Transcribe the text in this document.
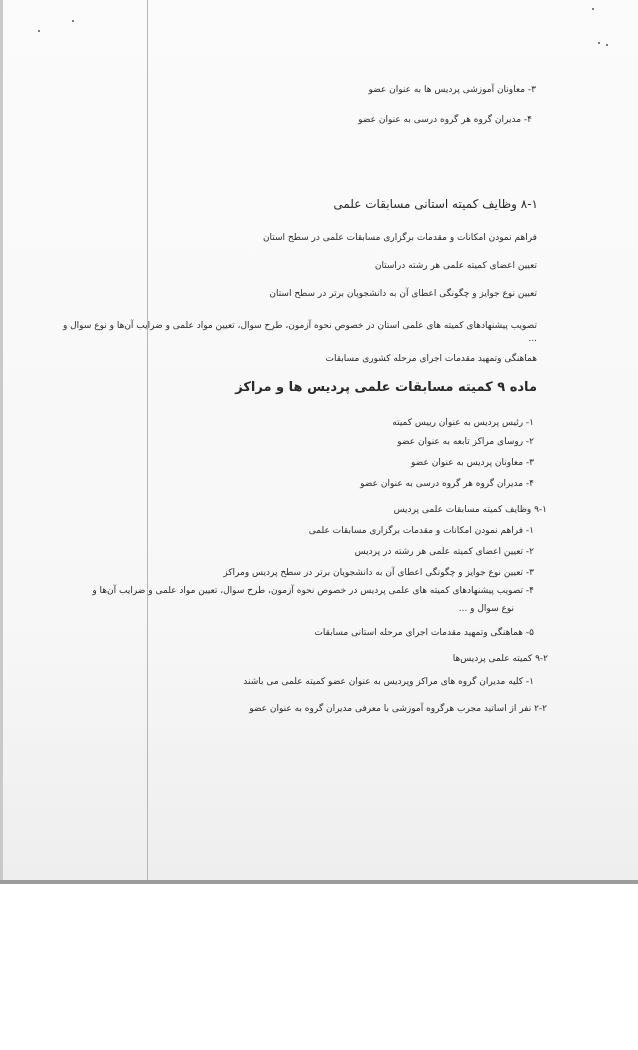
۳- معاونان آموزشی پردیس ها به عنوان عضو
۴- مدیران گروه هر گروه درسی به عنوان عضو
۸-۱ وظایف کمیته استانی مسابقات علمی
فراهم نمودن امکانات و مقدمات برگزاری مسابقات علمی در سطح استان
تعیین اعضای کمیته علمی هر رشته دراستان
تعیین نوع جوایز و چگونگی اعطای آن به دانشجویان برتر در سطح استان
تصویب پیشنهادهای کمیته های علمی استان در خصوص نحوه آزمون، طرح سوال، تعیین مواد علمی و ضرایب آن‌ها و نوع سوال و
...
هماهنگی وتمهید مقدمات اجرای مرحله کشوری مسابقات
ماده ۹ کمیته مسابقات علمی پردیس ها و مراکز
۱- رئیس پردیس به عنوان رییس کمیته
۲- روسای مراکز تابعه به عنوان عضو
۳- معاونان پردیس به عنوان عضو
۴- مدیران گروه هر گروه درسی به عنوان عضو
۹-۱ وظایف کمیته مسابقات علمی پردیس
۱- فراهم نمودن امکانات و مقدمات برگزاری مسابقات علمی
۲- تعیین اعضای کمیته علمی هر رشته در پردیس
۳- تعیین نوع جوایز و چگونگی اعطای آن به دانشجویان برتر در سطح پردیس ومراکز
۴- تصویب پیشنهادهای کمیته های علمی پردیس در خصوص نحوه آزمون، طرح سوال، تعیین مواد علمی و ضرایب آن‌ها و
نوع سوال و ...
۵- هماهنگی وتمهید مقدمات اجرای مرحله استانی مسابقات
۹-۲ کمیته علمی پردیس‌ها
۱- کلیه مدیران گروه های مراکز وپردیس به عنوان عضو کمیته علمی می باشند
۲-۲ نفر از اساتید مجرب هرگروه آموزشی با معرفی مدیران گروه به عنوان عضو
